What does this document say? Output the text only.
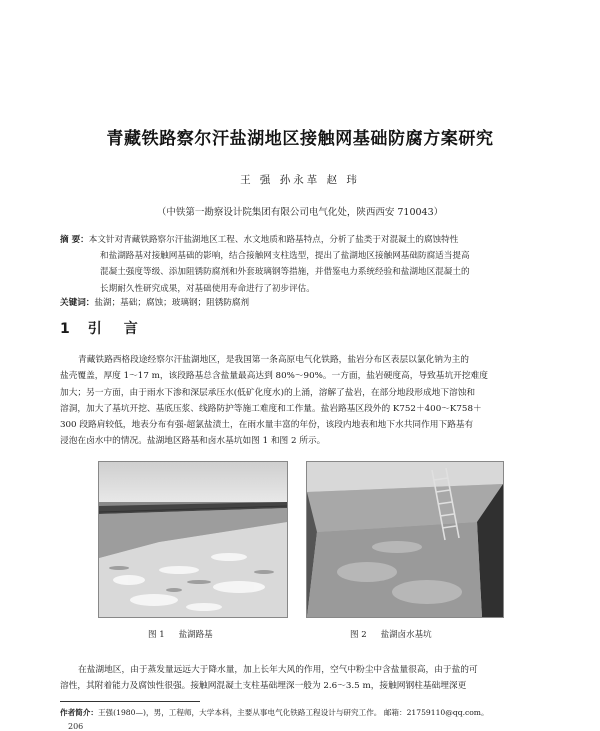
青藏铁路察尔汗盐湖地区接触网基础防腐方案研究
王 强 孙永革 赵 玮
（中铁第一勘察设计院集团有限公司电气化处，陕西西安 710043）
摘 要：本文针对青藏铁路察尔汗盐湖地区工程、水文地质和路基特点，分析了盐类于对混凝土的腐蚀特性
和盐湖路基对接触网基础的影响，结合接触网支柱选型，提出了盐湖地区接触网基础防腐适当提高
混凝土强度等级、添加阻锈防腐剂和外套玻璃钢等措施，并借鉴电力系统经验和盐湖地区混凝土的
长期耐久性研究成果，对基础使用寿命进行了初步评估。
关键词：盐湖；基础；腐蚀；玻璃钢；阻锈防腐剂
1 引言
青藏铁路西格段途经察尔汗盐湖地区，是我国第一条高原电气化铁路，盐岩分布区表层以氯化钠为主的
盐壳覆盖，厚度 1～17 m，该段路基总含盐量最高达到 80%～90%。一方面，盐岩硬度高，导致基坑开挖难度
加大；另一方面，由于雨水下渗和深层承压水(低矿化度水)的上涌，溶解了盐岩，在部分地段形成地下溶蚀和
溶洞，加大了基坑开挖、基底压浆、线路防护等施工难度和工作量。盐岩路基区段外的 K752＋400～K758＋
300 段路肩较低，地表分布有强-超氯盐渍土，在雨水量丰富的年份，该段内地表和地下水共同作用下路基有
浸泡在卤水中的情况。盐湖地区路基和卤水基坑如图 1 和图 2 所示。
图 1 盐湖路基	图 2 盐湖卤水基坑
在盐湖地区，由于蒸发量远远大于降水量，加上长年大风的作用，空气中粉尘中含盐量很高，由于盐的可
溶性，其附着能力及腐蚀性很强。接触网混凝土支柱基础埋深一般为 2.6～3.5 m，接触网钢柱基础埋深更
作者简介：王强(1980—)，男，工程师，大学本科，主要从事电气化铁路工程设计与研究工作。 邮箱：21759110@qq.com。
206
